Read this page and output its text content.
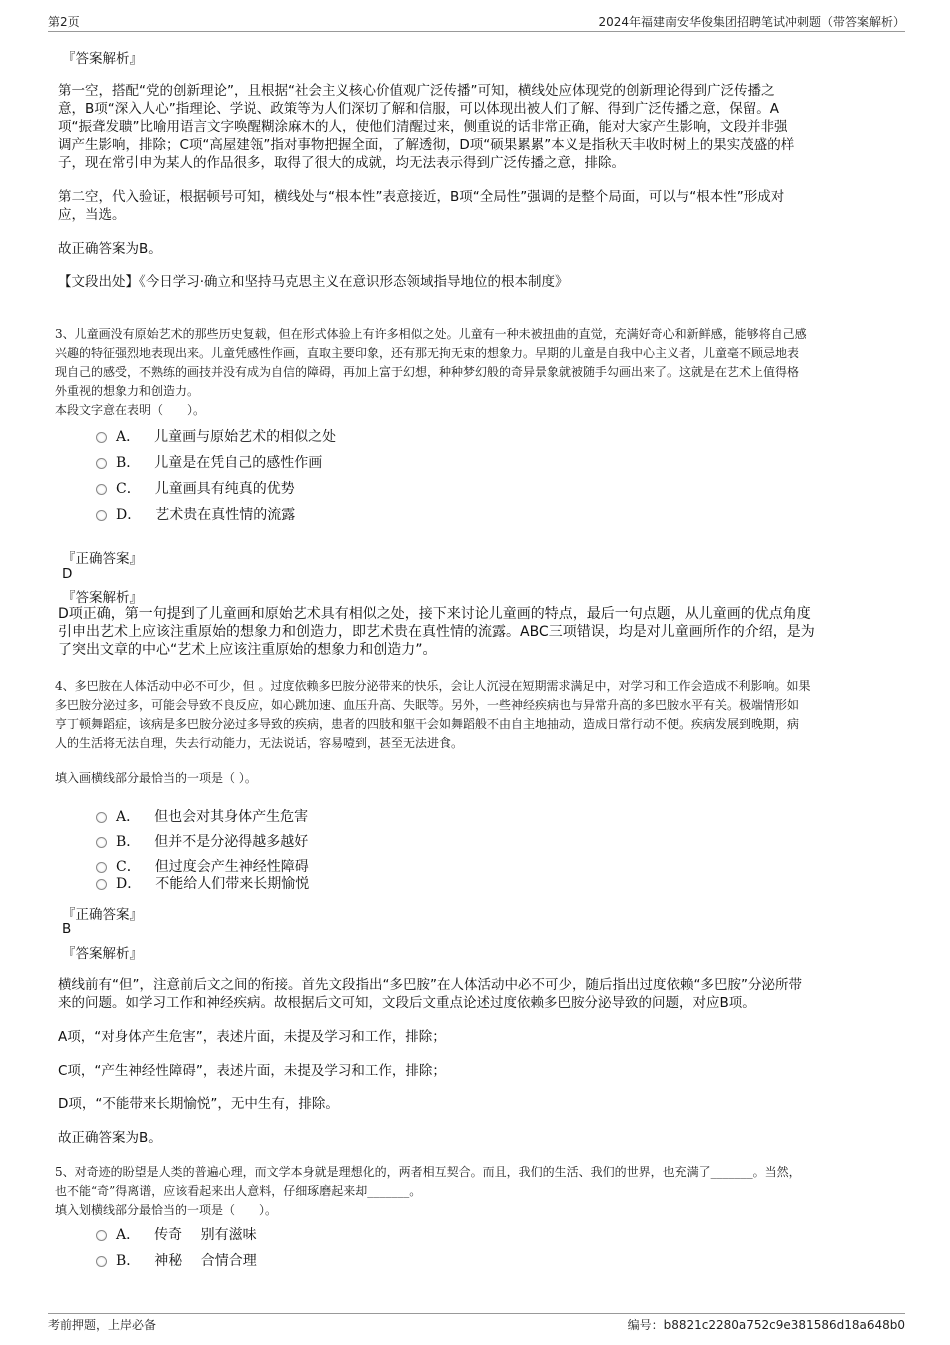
第2页	2024年福建南安华俊集团招聘笔试冲刺题（带答案解析）
『答案解析』
第一空，搭配“党的创新理论”，且根据“社会主义核心价值观广泛传播”可知，横线处应体现党的创新理论得到广泛传播之
意，B项“深入人心”指理论、学说、政策等为人们深切了解和信服，可以体现出被人们了解、得到广泛传播之意，保留。A
项“振聋发聩”比喻用语言文字唤醒糊涂麻木的人，使他们清醒过来，侧重说的话非常正确，能对大家产生影响，文段并非强
调产生影响，排除；C项“高屋建瓴”指对事物把握全面，了解透彻，D项“硕果累累”本义是指秋天丰收时树上的果实茂盛的样
子，现在常引申为某人的作品很多，取得了很大的成就，均无法表示得到广泛传播之意，排除。
第二空，代入验证，根据顿号可知，横线处与“根本性”表意接近，B项“全局性”强调的是整个局面，可以与“根本性”形成对
应，当选。
故正确答案为B。
【文段出处】《今日学习·确立和坚持马克思主义在意识形态领域指导地位的根本制度》
3、儿童画没有原始艺术的那些历史复载，但在形式体验上有许多相似之处。儿童有一种未被扭曲的直觉，充满好奇心和新鲜感，能够将自己感
兴趣的特征强烈地表现出来。儿童凭感性作画，直取主要印象，还有那无拘无束的想象力。早期的儿童是自我中心主义者，儿童毫不顾忌地表
现自己的感受，不熟练的画技并没有成为自信的障碍，再加上富于幻想，种种梦幻般的奇异景象就被随手勾画出来了。这就是在艺术上值得格
外重视的想象力和创造力。
本段文字意在表明（　　）。
A． 儿童画与原始艺术的相似之处
B． 儿童是在凭自己的感性作画
C． 儿童画具有纯真的优势
D． 艺术贵在真性情的流露
『正确答案』
D
『答案解析』
D项正确，第一句提到了儿童画和原始艺术具有相似之处，接下来讨论儿童画的特点，最后一句点题，从儿童画的优点角度
引申出艺术上应该注重原始的想象力和创造力，即艺术贵在真性情的流露。ABC三项错误，均是对儿童画所作的介绍，是为
了突出文章的中心“艺术上应该注重原始的想象力和创造力”。
4、多巴胺在人体活动中必不可少，但 。过度依赖多巴胺分泌带来的快乐，会让人沉浸在短期需求满足中，对学习和工作会造成不利影响。如果
多巴胺分泌过多，可能会导致不良反应，如心跳加速、血压升高、失眠等。另外，一些神经疾病也与异常升高的多巴胺水平有关。极端情形如
亨丁顿舞蹈症，该病是多巴胺分泌过多导致的疾病，患者的四肢和躯干会如舞蹈般不由自主地抽动，造成日常行动不便。疾病发展到晚期，病
人的生活将无法自理，失去行动能力，无法说话，容易噎到，甚至无法进食。
填入画横线部分最恰当的一项是（ ）。
A． 但也会对其身体产生危害
B． 但并不是分泌得越多越好
C． 但过度会产生神经性障碍
D． 不能给人们带来长期愉悦
『正确答案』
B
『答案解析』
横线前有“但”，注意前后文之间的衔接。首先文段指出“多巴胺”在人体活动中必不可少，随后指出过度依赖“多巴胺”分泌所带
来的问题。如学习工作和神经疾病。故根据后文可知，文段后文重点论述过度依赖多巴胺分泌导致的问题，对应B项。
A项，“对身体产生危害”，表述片面，未提及学习和工作，排除；
C项，“产生神经性障碍”，表述片面，未提及学习和工作，排除；
D项，“不能带来长期愉悦”，无中生有，排除。
故正确答案为B。
5、对奇迹的盼望是人类的普遍心理，而文学本身就是理想化的，两者相互契合。而且，我们的生活、我们的世界，也充满了_______。当然，
也不能“奇”得离谱，应该看起来出人意料，仔细琢磨起来却_______。
填入划横线部分最恰当的一项是（　　）。
A． 传奇　 别有滋味
B． 神秘　 合情合理
考前押题，上岸必备	编号：b8821c2280a752c9e381586d18a648b0
